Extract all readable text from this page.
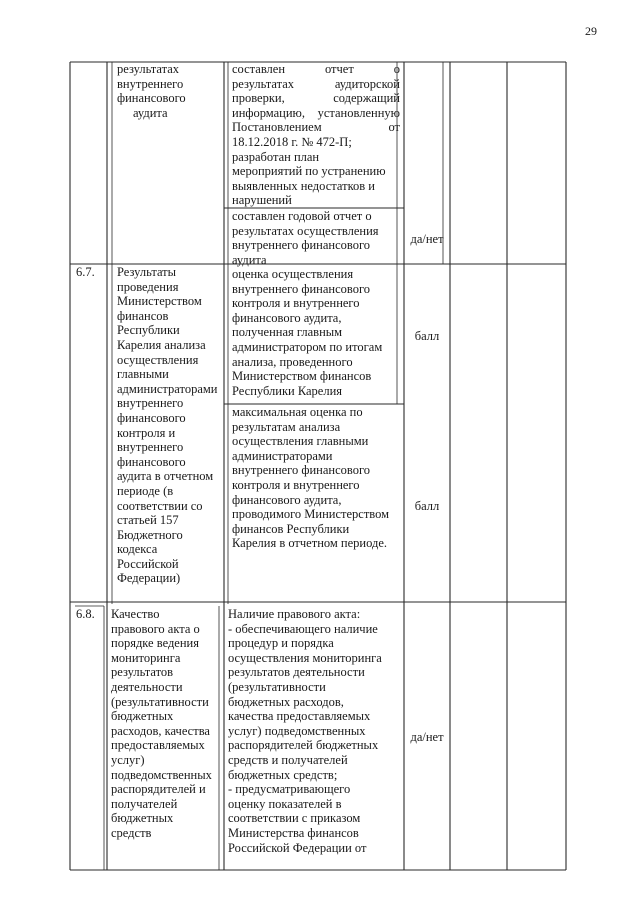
29
результатах
внутреннего
финансового
аудита
составлен отчет о
результатах аудиторской
проверки, содержащий
информацию, установленную
Постановлением от
18.12.2018 г. № 472-П;
разработан план
мероприятий по устранению
выявленных недостатков и
нарушений
составлен годовой отчет о
результатах осуществления
внутреннего финансового
аудита
да/нет
6.7.	Результаты
проведения
Министерством
финансов
Республики
Карелия анализа
осуществления
главными
администраторами
внутреннего
финансового
контроля и
внутреннего
финансового
аудита в отчетном
периоде (в
соответствии со
статьей 157
Бюджетного
кодекса
Российской
Федерации)
оценка осуществления
внутреннего финансового
контроля и внутреннего
финансового аудита,
полученная главным
администратором по итогам
анализа, проведенного
Министерством финансов
Республики Карелия
балл
максимальная оценка по
результатам анализа
осуществления главными
администраторами
внутреннего финансового
контроля и внутреннего
финансового аудита,
проводимого Министерством
финансов Республики
Карелия в отчетном периоде.
балл
6.8.	Качество
правового акта о
порядке ведения
мониторинга
результатов
деятельности
(результативности
бюджетных
расходов, качества
предоставляемых
услуг)
подведомственных
распорядителей и
получателей
бюджетных
средств
Наличие правового акта:
- обеспечивающего наличие
процедур и порядка
осуществления мониторинга
результатов деятельности
(результативности
бюджетных расходов,
качества предоставляемых
услуг) подведомственных
распорядителей бюджетных
средств и получателей
бюджетных средств;
- предусматривающего
оценку показателей в
соответствии с приказом
Министерства финансов
Российской Федерации от
да/нет
